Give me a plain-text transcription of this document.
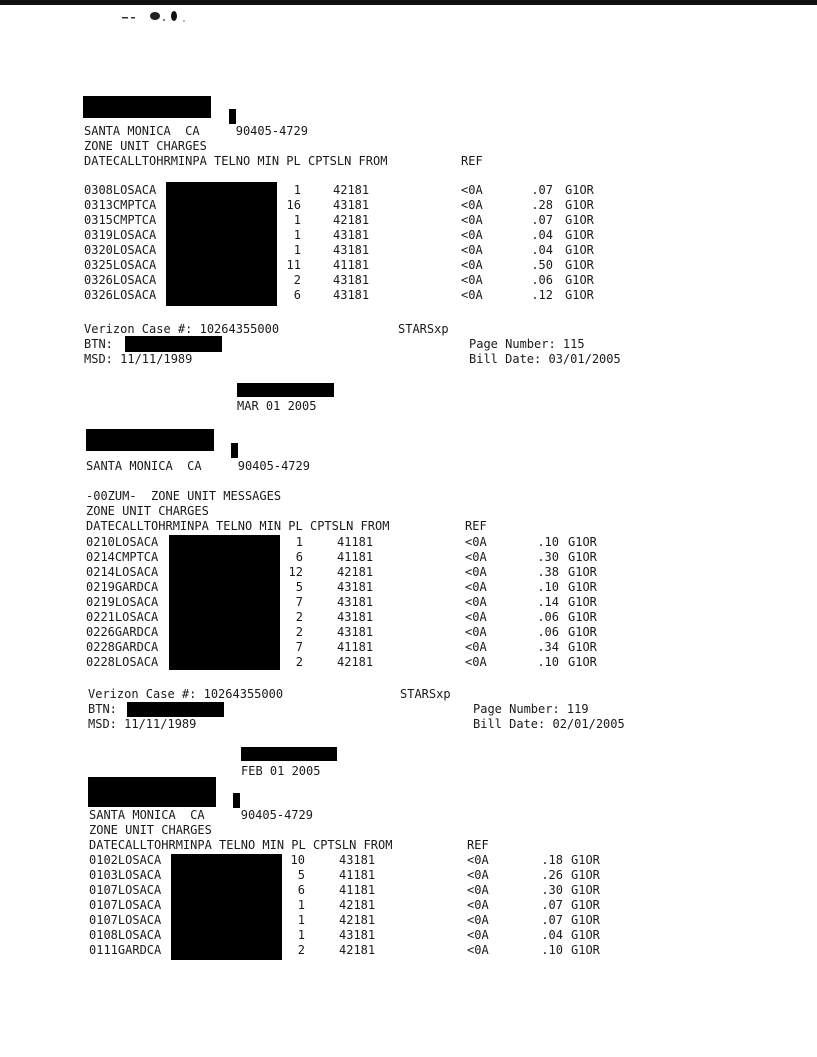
SANTA MONICA  CA     90405-4729
ZONE UNIT CHARGES
DATECALLTOHRMINPA TELNO MIN PL CPTSLN FROM	REF
Verizon Case #: 10264355000	STARSxp
BTN:	Page Number: 115
MSD: 11/11/1989	Bill Date: 03/01/2005
MAR 01 2005
0308LOSACA	1	42181	<0A	.07 G1OR
0313CMPTCA	16	43181	<0A	.28 G1OR
0315CMPTCA	1	42181	<0A	.07 G1OR
0319LOSACA	1	43181	<0A	.04 G1OR
0320LOSACA	1	43181	<0A	.04 G1OR
0325LOSACA	11	41181	<0A	.50 G1OR
0326LOSACA	2	43181	<0A	.06 G1OR
0326LOSACA	6	43181	<0A	.12 G1OR
SANTA MONICA  CA     90405-4729
-00ZUM-  ZONE UNIT MESSAGES
ZONE UNIT CHARGES
DATECALLTOHRMINPA TELNO MIN PL CPTSLN FROM	REF
Verizon Case #: 10264355000	STARSxp
BTN:	Page Number: 119
MSD: 11/11/1989	Bill Date: 02/01/2005
FEB 01 2005
0210LOSACA	1	41181	<0A	.10 G1OR
0214CMPTCA	6	41181	<0A	.30 G1OR
0214LOSACA	12	42181	<0A	.38 G1OR
0219GARDCA	5	43181	<0A	.10 G1OR
0219LOSACA	7	43181	<0A	.14 G1OR
0221LOSACA	2	43181	<0A	.06 G1OR
0226GARDCA	2	43181	<0A	.06 G1OR
0228GARDCA	7	41181	<0A	.34 G1OR
0228LOSACA	2	42181	<0A	.10 G1OR
SANTA MONICA  CA     90405-4729
ZONE UNIT CHARGES
DATECALLTOHRMINPA TELNO MIN PL CPTSLN FROM	REF
0102LOSACA	10	43181	<0A	.18 G1OR
0103LOSACA	5	41181	<0A	.26 G1OR
0107LOSACA	6	41181	<0A	.30 G1OR
0107LOSACA	1	42181	<0A	.07 G1OR
0107LOSACA	1	42181	<0A	.07 G1OR
0108LOSACA	1	43181	<0A	.04 G1OR
0111GARDCA	2	42181	<0A	.10 G1OR
